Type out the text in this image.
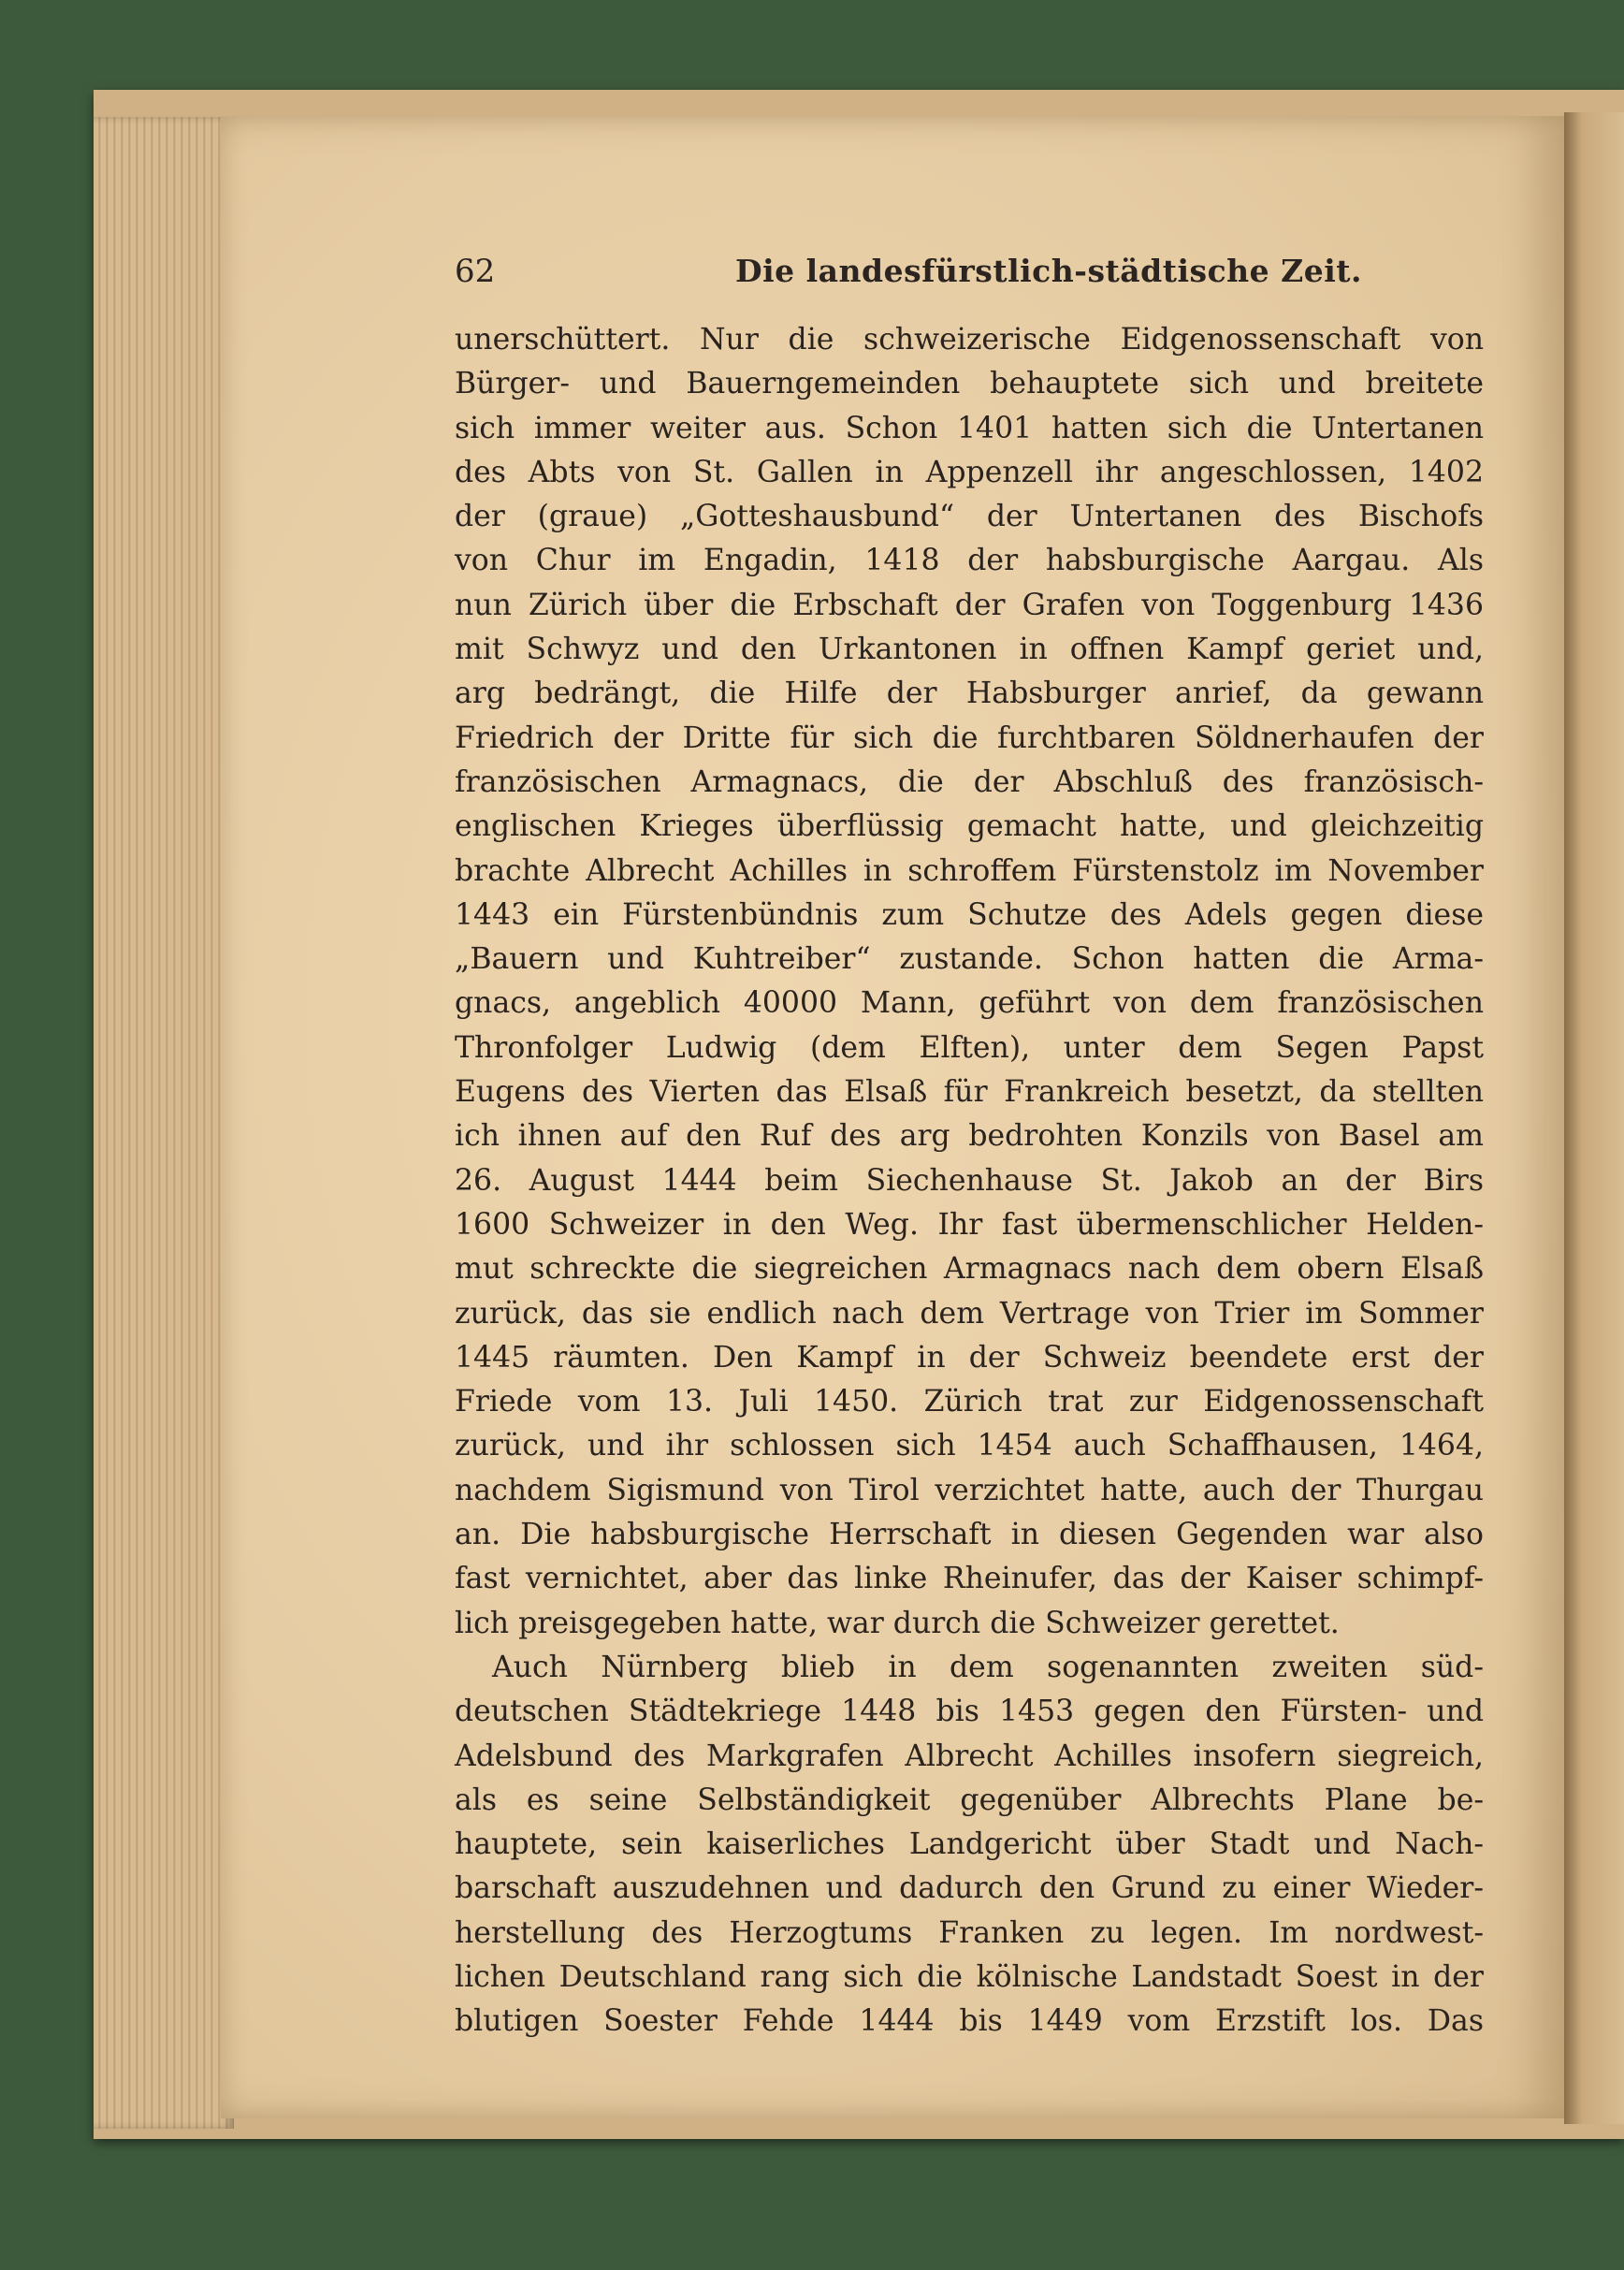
62	Die landesfürstlich-städtische Zeit.
unerschüttert. Nur die schweizerische Eidgenossenschaft von
Bürger- und Bauerngemeinden behauptete sich und breitete
sich immer weiter aus. Schon 1401 hatten sich die Untertanen
des Abts von St. Gallen in Appenzell ihr angeschlossen, 1402
der (graue) „Gotteshausbund“ der Untertanen des Bischofs
von Chur im Engadin, 1418 der habsburgische Aargau. Als
nun Zürich über die Erbschaft der Grafen von Toggenburg 1436
mit Schwyz und den Urkantonen in offnen Kampf geriet und,
arg bedrängt, die Hilfe der Habsburger anrief, da gewann
Friedrich der Dritte für sich die furchtbaren Söldnerhaufen der
französischen Armagnacs, die der Abschluß des französisch-
englischen Krieges überflüssig gemacht hatte, und gleichzeitig
brachte Albrecht Achilles in schroffem Fürstenstolz im November
1443 ein Fürstenbündnis zum Schutze des Adels gegen diese
„Bauern und Kuhtreiber“ zustande. Schon hatten die Arma-
gnacs, angeblich 40000 Mann, geführt von dem französischen
Thronfolger Ludwig (dem Elften), unter dem Segen Papst
Eugens des Vierten das Elsaß für Frankreich besetzt, da stellten
ich ihnen auf den Ruf des arg bedrohten Konzils von Basel am
26. August 1444 beim Siechenhause St. Jakob an der Birs
1600 Schweizer in den Weg. Ihr fast übermenschlicher Helden-
mut schreckte die siegreichen Armagnacs nach dem obern Elsaß
zurück, das sie endlich nach dem Vertrage von Trier im Sommer
1445 räumten. Den Kampf in der Schweiz beendete erst der
Friede vom 13. Juli 1450. Zürich trat zur Eidgenossenschaft
zurück, und ihr schlossen sich 1454 auch Schaffhausen, 1464,
nachdem Sigismund von Tirol verzichtet hatte, auch der Thurgau
an. Die habsburgische Herrschaft in diesen Gegenden war also
fast vernichtet, aber das linke Rheinufer, das der Kaiser schimpf-
lich preisgegeben hatte, war durch die Schweizer gerettet.
Auch Nürnberg blieb in dem sogenannten zweiten süd-
deutschen Städtekriege 1448 bis 1453 gegen den Fürsten- und
Adelsbund des Markgrafen Albrecht Achilles insofern siegreich,
als es seine Selbständigkeit gegenüber Albrechts Plane be-
hauptete, sein kaiserliches Landgericht über Stadt und Nach-
barschaft auszudehnen und dadurch den Grund zu einer Wieder-
herstellung des Herzogtums Franken zu legen. Im nordwest-
lichen Deutschland rang sich die kölnische Landstadt Soest in der
blutigen Soester Fehde 1444 bis 1449 vom Erzstift los. Das
